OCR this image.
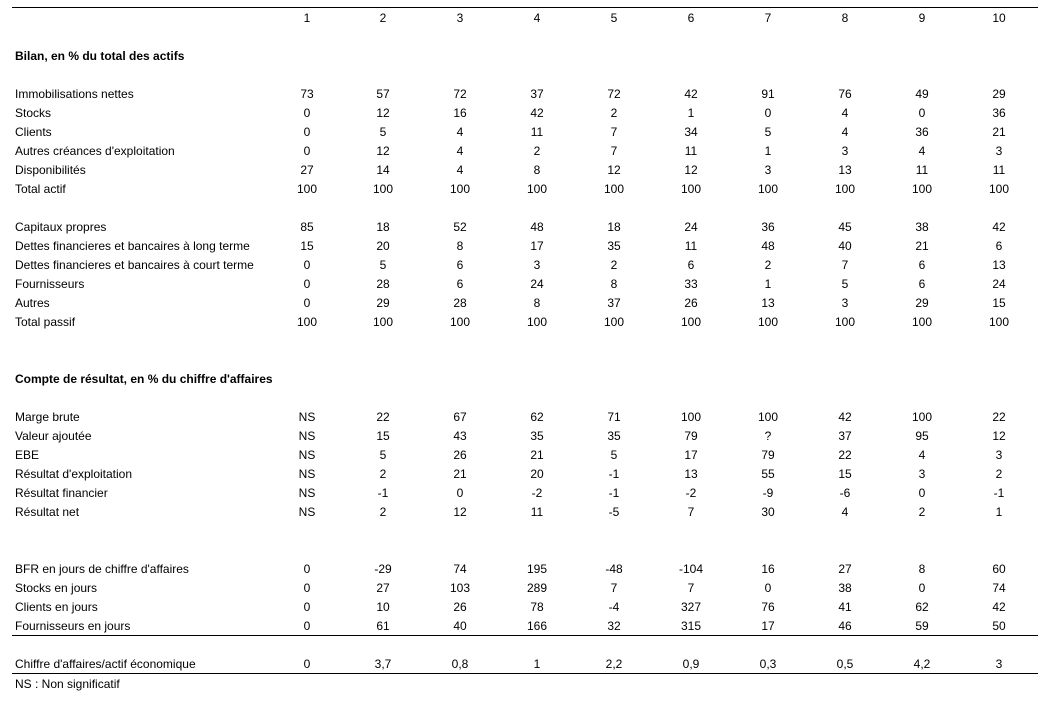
1	2	3	4	5	6	7	8	9	10
Bilan, en % du total des actifs
Immobilisations nettes	73	57	72	37	72	42	91	76	49	29
Stocks	0	12	16	42	2	1	0	4	0	36
Clients	0	5	4	11	7	34	5	4	36	21
Autres créances d'exploitation	0	12	4	2	7	11	1	3	4	3
Disponibilités	27	14	4	8	12	12	3	13	11	11
Total actif	100	100	100	100	100	100	100	100	100	100
Capitaux propres	85	18	52	48	18	24	36	45	38	42
Dettes financieres et bancaires à long terme	15	20	8	17	35	11	48	40	21	6
Dettes financieres et bancaires à court terme	0	5	6	3	2	6	2	7	6	13
Fournisseurs	0	28	6	24	8	33	1	5	6	24
Autres	0	29	28	8	37	26	13	3	29	15
Total passif	100	100	100	100	100	100	100	100	100	100
Compte de résultat, en % du chiffre d'affaires
Marge brute	NS	22	67	62	71	100	100	42	100	22
Valeur ajoutée	NS	15	43	35	35	79	?	37	95	12
EBE	NS	5	26	21	5	17	79	22	4	3
Résultat d'exploitation	NS	2	21	20	-1	13	55	15	3	2
Résultat financier	NS	-1	0	-2	-1	-2	-9	-6	0	-1
Résultat net	NS	2	12	11	-5	7	30	4	2	1
BFR en jours de chiffre d'affaires	0	-29	74	195	-48	-104	16	27	8	60
Stocks en jours	0	27	103	289	7	7	0	38	0	74
Clients en jours	0	10	26	78	-4	327	76	41	62	42
Fournisseurs en jours	0	61	40	166	32	315	17	46	59	50
Chiffre d'affaires/actif économique	0	3,7	0,8	1	2,2	0,9	0,3	0,5	4,2	3
NS : Non significatif
